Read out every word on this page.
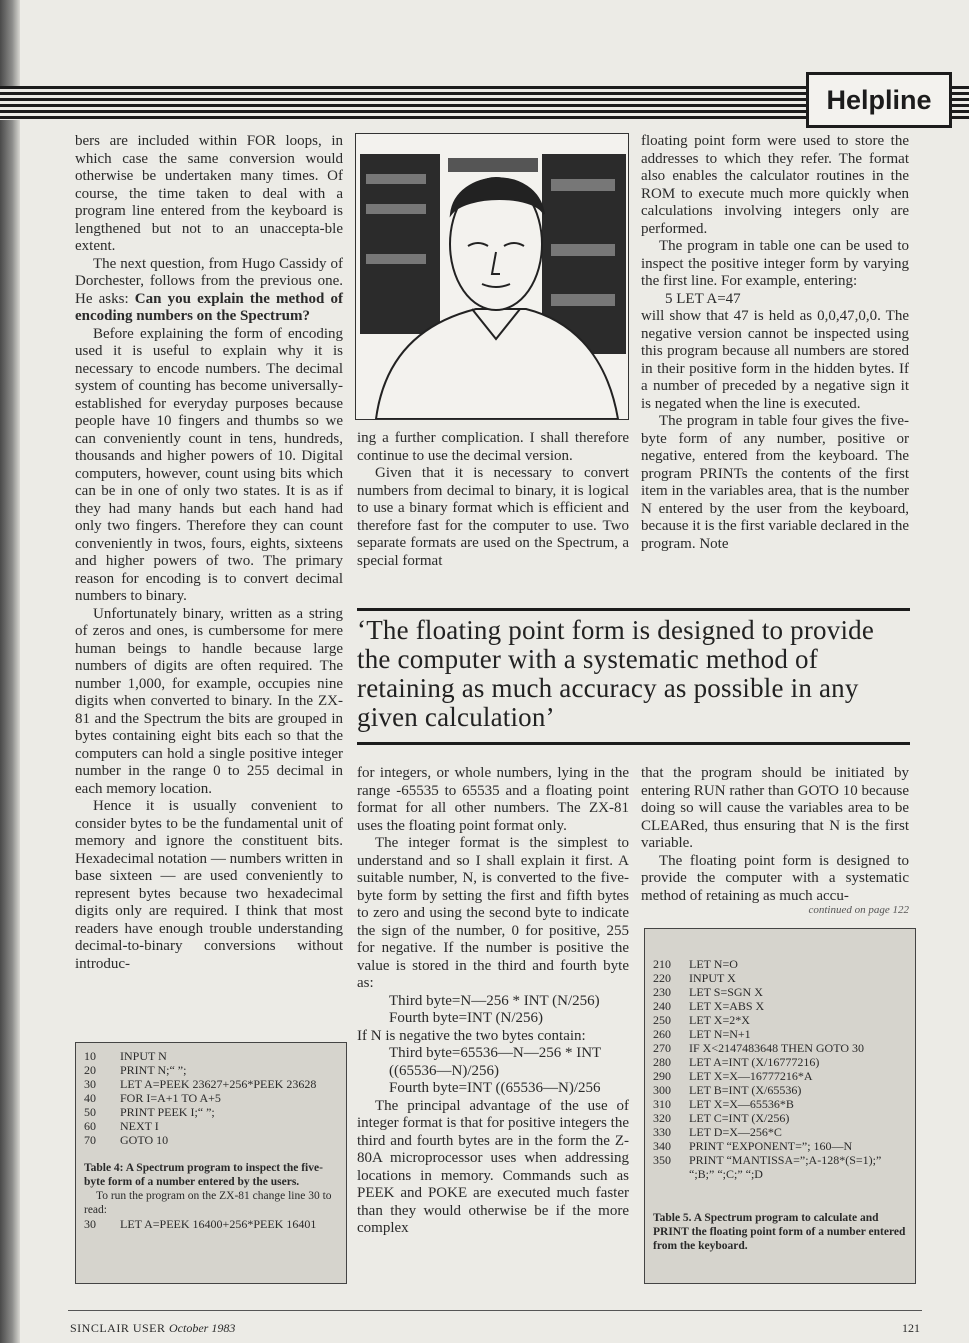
Helpline

bers are included within FOR loops, in which case the same conversion would otherwise be undertaken many times. Of course, the time taken to deal with a program line entered from the keyboard is lengthened but not to an unaccepta-ble extent.

The next question, from Hugo Cassidy of Dorchester, follows from the previous one. He asks: Can you explain the method of encoding numbers on the Spectrum?

Before explaining the form of encoding used it is useful to explain why it is necessary to encode numbers. The decimal system of counting has become universally-established for everyday purposes because people have 10 fingers and thumbs so we can conveniently count in tens, hundreds, thousands and higher powers of 10. Digital computers, however, count using bits which can be in one of only two states. It is as if they had many hands but each hand had only two fingers. Therefore they can count conveniently in twos, fours, eights, sixteens and higher powers of two. The primary reason for encoding is to convert decimal numbers to binary.

Unfortunately binary, written as a string of zeros and ones, is cumbersome for mere human beings to handle because large numbers of digits are often required. The number 1,000, for example, occupies nine digits when converted to binary. In the ZX-81 and the Spectrum the bits are grouped in bytes containing eight bits each so that the computers can hold a single positive integer number in the range 0 to 255 decimal in each memory location.

Hence it is usually convenient to consider bytes to be the fundamental unit of memory and ignore the constituent bits. Hexadecimal notation — numbers written in base sixteen — are used conveniently to represent bytes because two hexadecimal digits only are required. I think that most readers have enough trouble understanding decimal-to-binary conversions without introduc-

ing a further complication. I shall therefore continue to use the decimal version.

Given that it is necessary to convert numbers from decimal to binary, it is logical to use a binary format which is efficient and therefore fast for the computer to use. Two separate formats are used on the Spectrum, a special format

floating point form were used to store the addresses to which they refer. The format also enables the calculator routines in the ROM to execute much more quickly when calculations involving integers only are performed.

The program in table one can be used to inspect the positive integer form by varying the first line. For example, entering:

5 LET A=47

will show that 47 is held as 0,0,47,0,0. The negative version cannot be inspected using this program because all numbers are stored in their positive form in the hidden bytes. If a number of preceded by a negative sign it is negated when the line is executed.

The program in table four gives the five-byte form of any number, positive or negative, entered from the keyboard. The program PRINTs the contents of the first item in the variables area, that is the number N entered by the user from the keyboard, because it is the first variable declared in the program. Note

‘The floating point form is designed to provide the computer with a systematic method of retaining as much accuracy as possible in any given calculation’

for integers, or whole numbers, lying in the range -65535 to 65535 and a floating point format for all other numbers. The ZX-81 uses the floating point format only.

The integer format is the simplest to understand and so I shall explain it first. A suitable number, N, is converted to the five-byte form by setting the first and fifth bytes to zero and using the second byte to indicate the sign of the number, 0 for positive, 255 for negative. If the number is positive the value is stored in the third and fourth byte as:

Third byte=N—256 * INT (N/256)

Fourth byte=INT (N/256)

If N is negative the two bytes contain:

Third byte=65536—N—256 * INT ((65536—N)/256)

Fourth byte=INT ((65536—N)/256

The principal advantage of the use of integer format is that for positive integers the third and fourth bytes are in the form the Z-80A microprocessor uses when addressing locations in memory. Commands such as PEEK and POKE are executed much faster than they would otherwise be if the more complex

that the program should be initiated by entering RUN rather than GOTO 10 because doing so will cause the variables area to be CLEARed, thus ensuring that N is the first variable.

The floating point form is designed to provide the computer with a systematic method of retaining as much accu-

continued on page 122
10	INPUT N
20	PRINT N;“ ”;
30	LET A=PEEK 23627+256*PEEK 23628
40	FOR I=A+1 TO A+5
50	PRINT PEEK I;“ ”;
60	NEXT I
70	GOTO 10
Table 4: A Spectrum program to inspect the five-byte form of a number entered by the users.
To run the program on the ZX-81 change line 30 to read:
30	LET A=PEEK 16400+256*PEEK 16401
210	LET N=O
220	INPUT X
230	LET S=SGN X
240	LET X=ABS X
250	LET X=2*X
260	LET N=N+1
270	IF X<2147483648 THEN GOTO 30
280	LET A=INT (X/16777216)
290	LET X=X—16777216*A
300	LET B=INT (X/65536)
310	LET X=X—65536*B
320	LET C=INT (X/256)
330	LET D=X—256*C
340	PRINT “EXPONENT=”; 160—N
350	PRINT “MANTISSA=”;A-128*(S=1);” “;B;” “;C;” “;D
Table 5. A Spectrum program to calculate and PRINT the floating point form of a number entered from the keyboard.
SINCLAIR USER October 1983	121
